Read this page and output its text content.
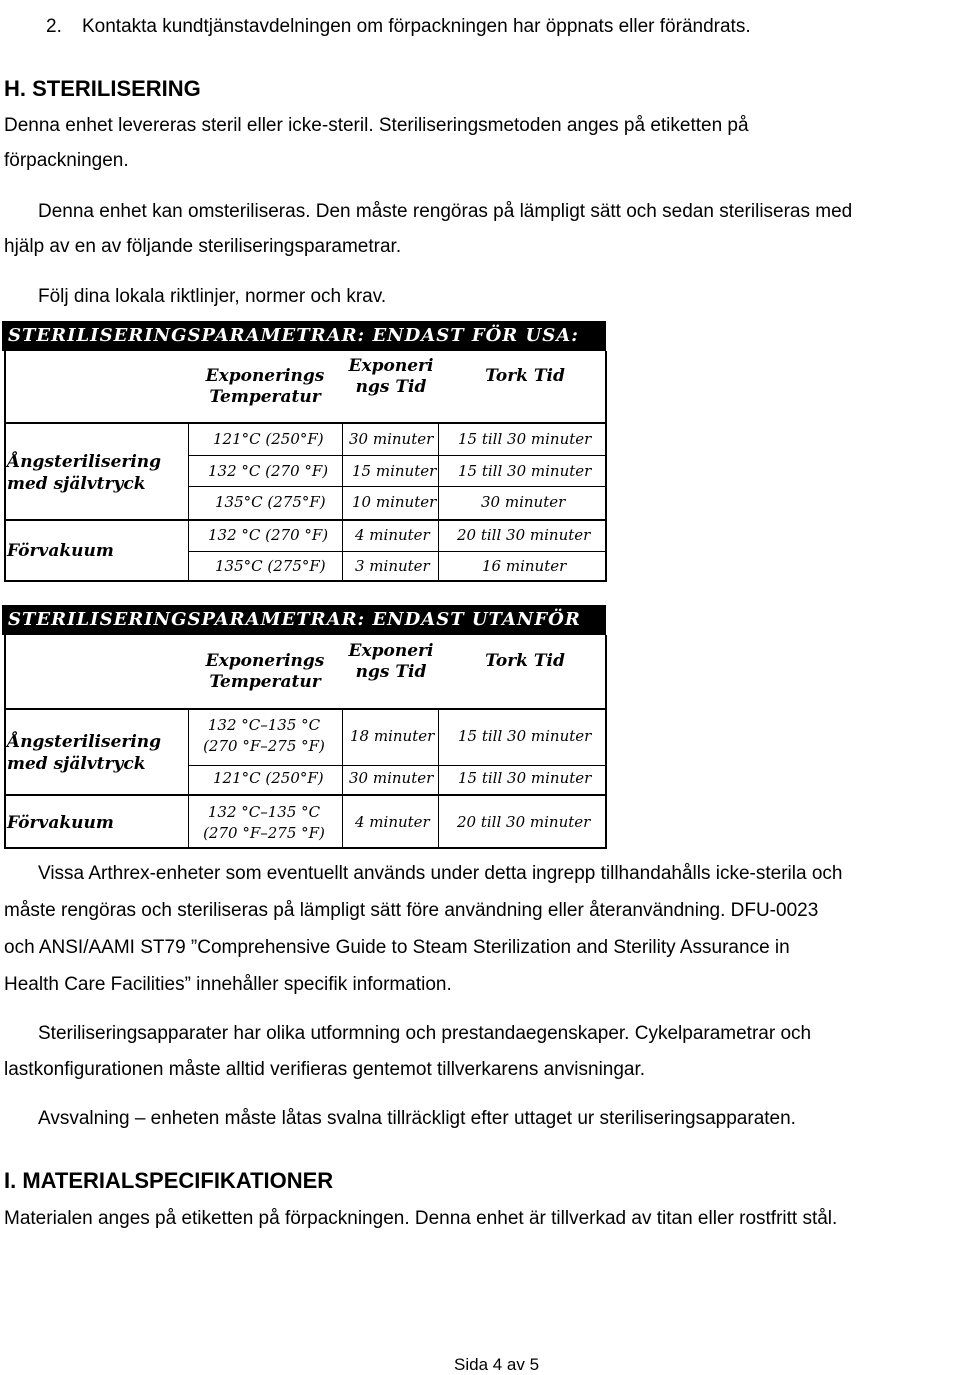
2. Kontakta kundtjänstavdelningen om förpackningen har öppnats eller förändrats.
H. STERILISERING
Denna enhet levereras steril eller icke-steril. Steriliseringsmetoden anges på etiketten på
förpackningen.
Denna enhet kan omsteriliseras. Den måste rengöras på lämpligt sätt och sedan steriliseras med
hjälp av en av följande steriliseringsparametrar.
Följ dina lokala riktlinjer, normer och krav.
STERILISERINGSPARAMETRAR: ENDAST FÖR USA:
Exponerings Temperatur
Exponeri ngs Tid
Tork Tid
Ångsterilisering med självtryck
Förvakuum
121°C (250°F) 30 minuter 15 till 30 minuter
132 °C (270 °F) 15 minuter 15 till 30 minuter
135°C (275°F) 10 minuter	30 minuter
132 °C (270 °F) 4 minuter 20 till 30 minuter
135°C (275°F) 3 minuter	16 minuter
STERILISERINGSPARAMETRAR: ENDAST UTANFÖR USA:
Exponerings Temperatur
Exponeri ngs Tid
Tork Tid
Ångsterilisering med självtryck
Förvakuum
132 °C–135 °C (270 °F–275 °F)
18 minuter 15 till 30 minuter
121°C (250°F) 30 minuter 15 till 30 minuter
132 °C–135 °C (270 °F–275 °F)
4 minuter 20 till 30 minuter
Vissa Arthrex-enheter som eventuellt används under detta ingrepp tillhandahålls icke-sterila och
måste rengöras och steriliseras på lämpligt sätt före användning eller återanvändning. DFU-0023
och ANSI/AAMI ST79 ”Comprehensive Guide to Steam Sterilization and Sterility Assurance in
Health Care Facilities” innehåller specifik information.
Steriliseringsapparater har olika utformning och prestandaegenskaper. Cykelparametrar och
lastkonfigurationen måste alltid verifieras gentemot tillverkarens anvisningar.
Avsvalning – enheten måste låtas svalna tillräckligt efter uttaget ur steriliseringsapparaten.
I. MATERIALSPECIFIKATIONER
Materialen anges på etiketten på förpackningen. Denna enhet är tillverkad av titan eller rostfritt stål.
Sida 4 av 5
